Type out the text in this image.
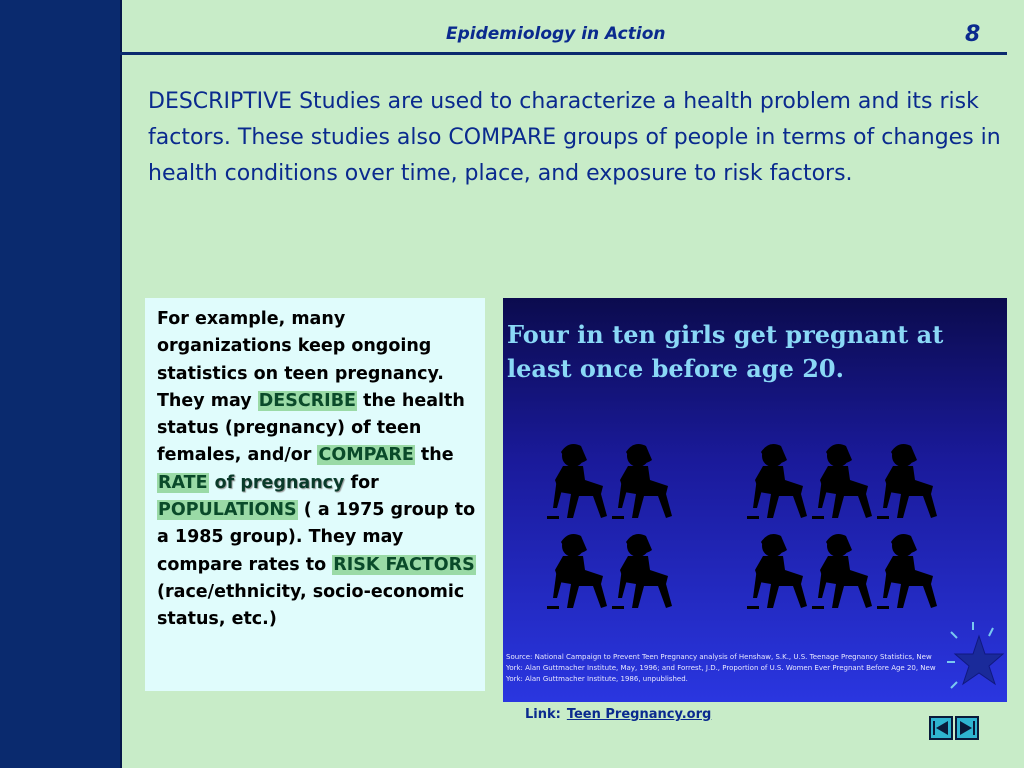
Epidemiology in Action	8
DESCRIPTIVE Studies are used to characterize a health problem and its risk factors. These studies also COMPARE groups of people in terms of changes in health conditions over time, place, and exposure to risk factors.
For example, many organizations keep ongoing statistics on teen pregnancy. They may DESCRIBE the health status (pregnancy) of teen females, and/or COMPARE the RATE of pregnancy for POPULATIONS ( a 1975 group to a 1985 group). They may compare rates to RISK FACTORS (race/ethnicity, socio-economic status, etc.)
Four in ten girls get pregnant at least once before age 20.
Source: National Campaign to Prevent Teen Pregnancy analysis of Henshaw, S.K., U.S. Teenage Pregnancy Statistics, New York: Alan Guttmacher Institute, May, 1996; and Forrest, J.D., Proportion of U.S. Women Ever Pregnant Before Age 20, New York: Alan Guttmacher Institute, 1986, unpublished.
Link: Teen Pregnancy.org
